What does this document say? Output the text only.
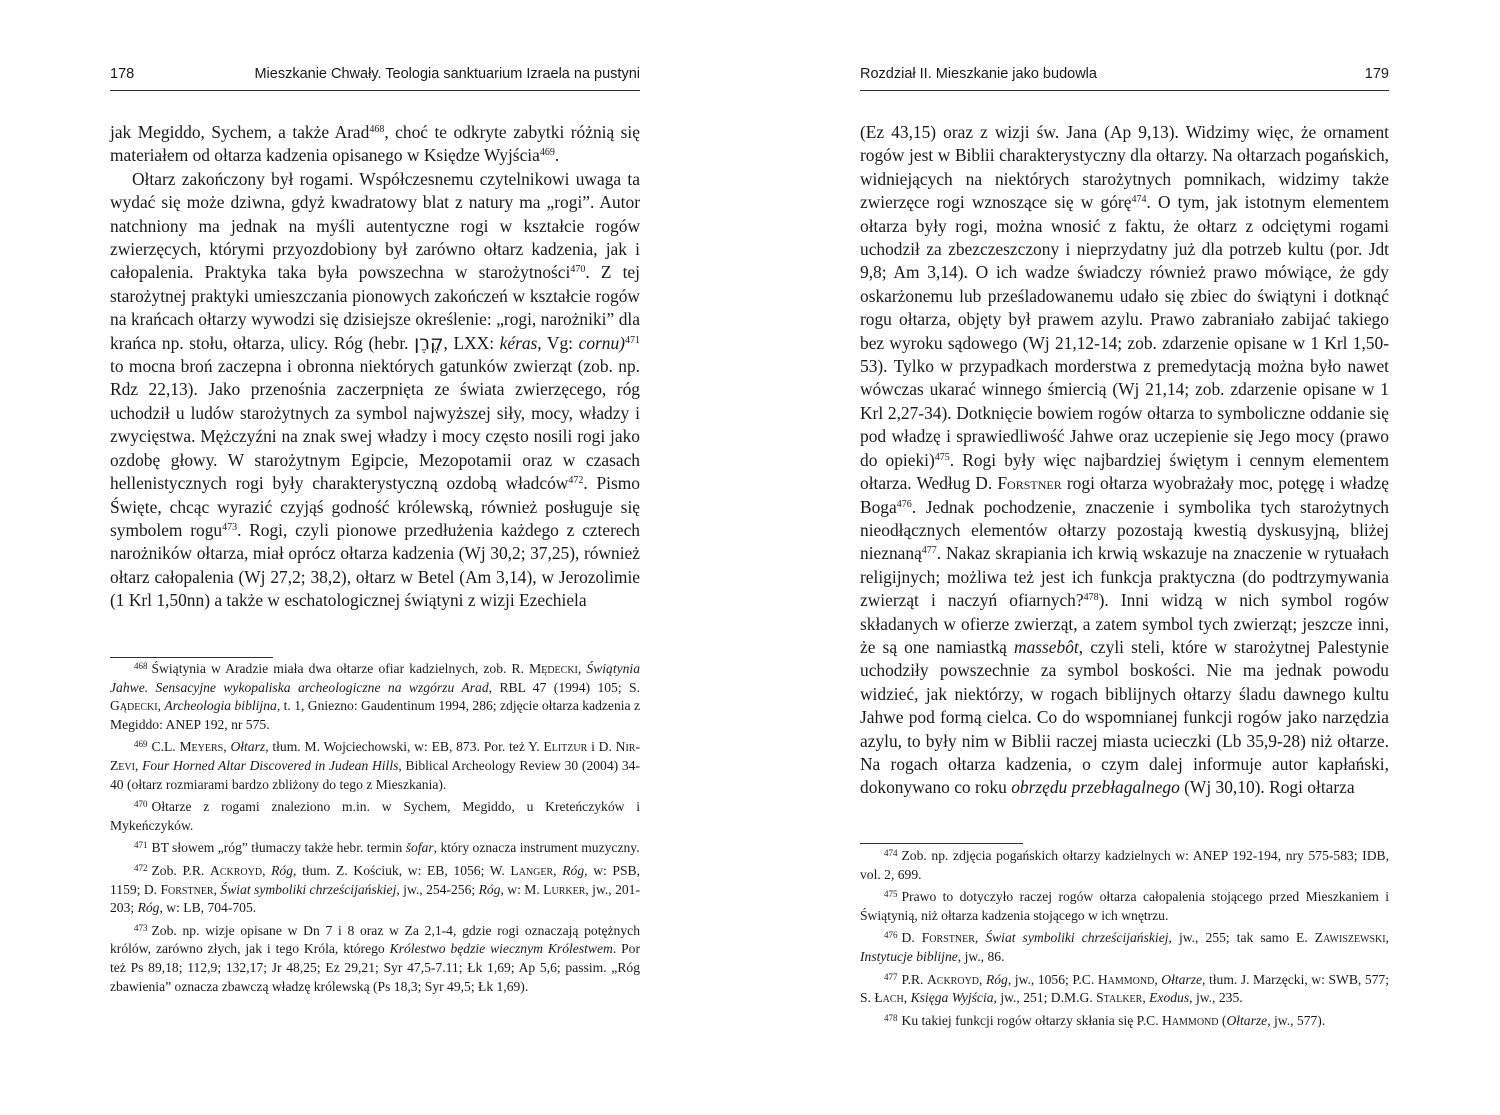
178	Mieszkanie Chwały. Teologia sanktuarium Izraela na pustyni

jak Megiddo, Sychem, a także Arad$^{468}$, choć te odkryte zabytki różnią się materiałem od ołtarza kadzenia opisanego w Księdze Wyjścia$^{469}$.

Ołtarz zakończony był rogami. Współczesnemu czytelnikowi uwaga ta wydać się może dziwna, gdyż kwadratowy blat z natury ma „rogi”. Autor natchniony ma jednak na myśli autentyczne rogi w kształcie rogów zwierzęcych, którymi przyozdobiony był zarówno ołtarz kadzenia, jak i całopalenia. Praktyka taka była powszechna w starożytności$^{470}$. Z tej starożytnej praktyki umieszczania pionowych zakończeń w kształcie rogów na krańcach ołtarzy wywodzi się dzisiejsze określenie: „rogi, narożniki” dla krańca np. stołu, ołtarza, ulicy. Róg (hebr. קֶרֶן, LXX: kéras, Vg: cornu)$^{471}$ to mocna broń zaczepna i obronna niektórych gatunków zwierząt (zob. np. Rdz 22,13). Jako przenośnia zaczerpnięta ze świata zwierzęcego, róg uchodził u ludów starożytnych za symbol najwyższej siły, mocy, władzy i zwycięstwa. Mężczyźni na znak swej władzy i mocy często nosili rogi jako ozdobę głowy. W starożytnym Egipcie, Mezopotamii oraz w czasach hellenistycznych rogi były charakterystyczną ozdobą władców$^{472}$. Pismo Święte, chcąc wyrazić czyjąś godność królewską, również posługuje się symbolem rogu$^{473}$. Rogi, czyli pionowe przedłużenia każdego z czterech narożników ołtarza, miał oprócz ołtarza kadzenia (Wj 30,2; 37,25), również ołtarz całopalenia (Wj 27,2; 38,2), ołtarz w Betel (Am 3,14), w Jerozolimie (1 Krl 1,50nn) a także w eschatologicznej świątyni z wizji Ezechiela

$^{468}$ Świątynia w Aradzie miała dwa ołtarze ofiar kadzielnych, zob. R. Mędecki, Świątynia Jahwe. Sensacyjne wykopaliska archeologiczne na wzgórzu Arad, RBL 47 (1994) 105; S. Gądecki, Archeologia biblijna, t. 1, Gniezno: Gaudentinum 1994, 286; zdjęcie ołtarza kadzenia z Megiddo: ANEP 192, nr 575.

$^{469}$ C.L. Meyers, Ołtarz, tłum. M. Wojciechowski, w: EB, 873. Por. też Y. Elitzur i D. Nir-Zevi, Four Horned Altar Discovered in Judean Hills, Biblical Archeology Review 30 (2004) 34-40 (ołtarz rozmiarami bardzo zbliżony do tego z Mieszkania).

$^{470}$ Ołtarze z rogami znaleziono m.in. w Sychem, Megiddo, u Kreteńczyków i Mykeńczyków.

$^{471}$ BT słowem „róg” tłumaczy także hebr. termin šofar, który oznacza instrument muzyczny.

$^{472}$ Zob. P.R. Ackroyd, Róg, tłum. Z. Kościuk, w: EB, 1056; W. Langer, Róg, w: PSB, 1159; D. Forstner, Świat symboliki chrześcijańskiej, jw., 254-256; Róg, w: M. Lurker, jw., 201-203; Róg, w: LB, 704-705.

$^{473}$ Zob. np. wizje opisane w Dn 7 i 8 oraz w Za 2,1-4, gdzie rogi oznaczają potężnych królów, zarówno złych, jak i tego Króla, którego Królestwo będzie wiecznym Królestwem. Por też Ps 89,18; 112,9; 132,17; Jr 48,25; Ez 29,21; Syr 47,5-7.11; Łk 1,69; Ap 5,6; passim. „Róg zbawienia” oznacza zbawczą władzę królewską (Ps 18,3; Syr 49,5; Łk 1,69).

Rozdział II. Mieszkanie jako budowla	179

(Ez 43,15) oraz z wizji św. Jana (Ap 9,13). Widzimy więc, że ornament rogów jest w Biblii charakterystyczny dla ołtarzy. Na ołtarzach pogańskich, widniejących na niektórych starożytnych pomnikach, widzimy także zwierzęce rogi wznoszące się w górę$^{474}$. O tym, jak istotnym elementem ołtarza były rogi, można wnosić z faktu, że ołtarz z odciętymi rogami uchodził za zbezczeszczony i nieprzydatny już dla potrzeb kultu (por. Jdt 9,8; Am 3,14). O ich wadze świadczy również prawo mówiące, że gdy oskarżonemu lub prześladowanemu udało się zbiec do świątyni i dotknąć rogu ołtarza, objęty był prawem azylu. Prawo zabraniało zabijać takiego bez wyroku sądowego (Wj 21,12-14; zob. zdarzenie opisane w 1 Krl 1,50-53). Tylko w przypadkach morderstwa z premedytacją można było nawet wówczas ukarać winnego śmiercią (Wj 21,14; zob. zdarzenie opisane w 1 Krl 2,27-34). Dotknięcie bowiem rogów ołtarza to symboliczne oddanie się pod władzę i sprawiedliwość Jahwe oraz uczepienie się Jego mocy (prawo do opieki)$^{475}$. Rogi były więc najbardziej świętym i cennym elementem ołtarza. Według D. Forstner rogi ołtarza wyobrażały moc, potęgę i władzę Boga$^{476}$. Jednak pochodzenie, znaczenie i symbolika tych starożytnych nieodłącznych elementów ołtarzy pozostają kwestią dyskusyjną, bliżej nieznaną$^{477}$. Nakaz skrapiania ich krwią wskazuje na znaczenie w rytuałach religijnych; możliwa też jest ich funkcja praktyczna (do podtrzymywania zwierząt i naczyń ofiarnych?$^{478}$). Inni widzą w nich symbol rogów składanych w ofierze zwierząt, a zatem symbol tych zwierząt; jeszcze inni, że są one namiastką massebôt, czyli steli, które w starożytnej Palestynie uchodziły powszechnie za symbol boskości. Nie ma jednak powodu widzieć, jak niektórzy, w rogach biblijnych ołtarzy śladu dawnego kultu Jahwe pod formą cielca. Co do wspomnianej funkcji rogów jako narzędzia azylu, to były nim w Biblii raczej miasta ucieczki (Lb 35,9-28) niż ołtarze. Na rogach ołtarza kadzenia, o czym dalej informuje autor kapłański, dokonywano co roku obrzędu przebłagalnego (Wj 30,10). Rogi ołtarza

$^{474}$ Zob. np. zdjęcia pogańskich ołtarzy kadzielnych w: ANEP 192-194, nry 575-583; IDB, vol. 2, 699.

$^{475}$ Prawo to dotyczyło raczej rogów ołtarza całopalenia stojącego przed Mieszkaniem i Świątynią, niż ołtarza kadzenia stojącego w ich wnętrzu.

$^{476}$ D. Forstner, Świat symboliki chrześcijańskiej, jw., 255; tak samo E. Zawiszewski, Instytucje biblijne, jw., 86.

$^{477}$ P.R. Ackroyd, Róg, jw., 1056; P.C. Hammond, Ołtarze, tłum. J. Marzęcki, w: SWB, 577; S. Łach, Księga Wyjścia, jw., 251; D.M.G. Stalker, Exodus, jw., 235.

$^{478}$ Ku takiej funkcji rogów ołtarzy skłania się P.C. Hammond (Ołtarze, jw., 577).
